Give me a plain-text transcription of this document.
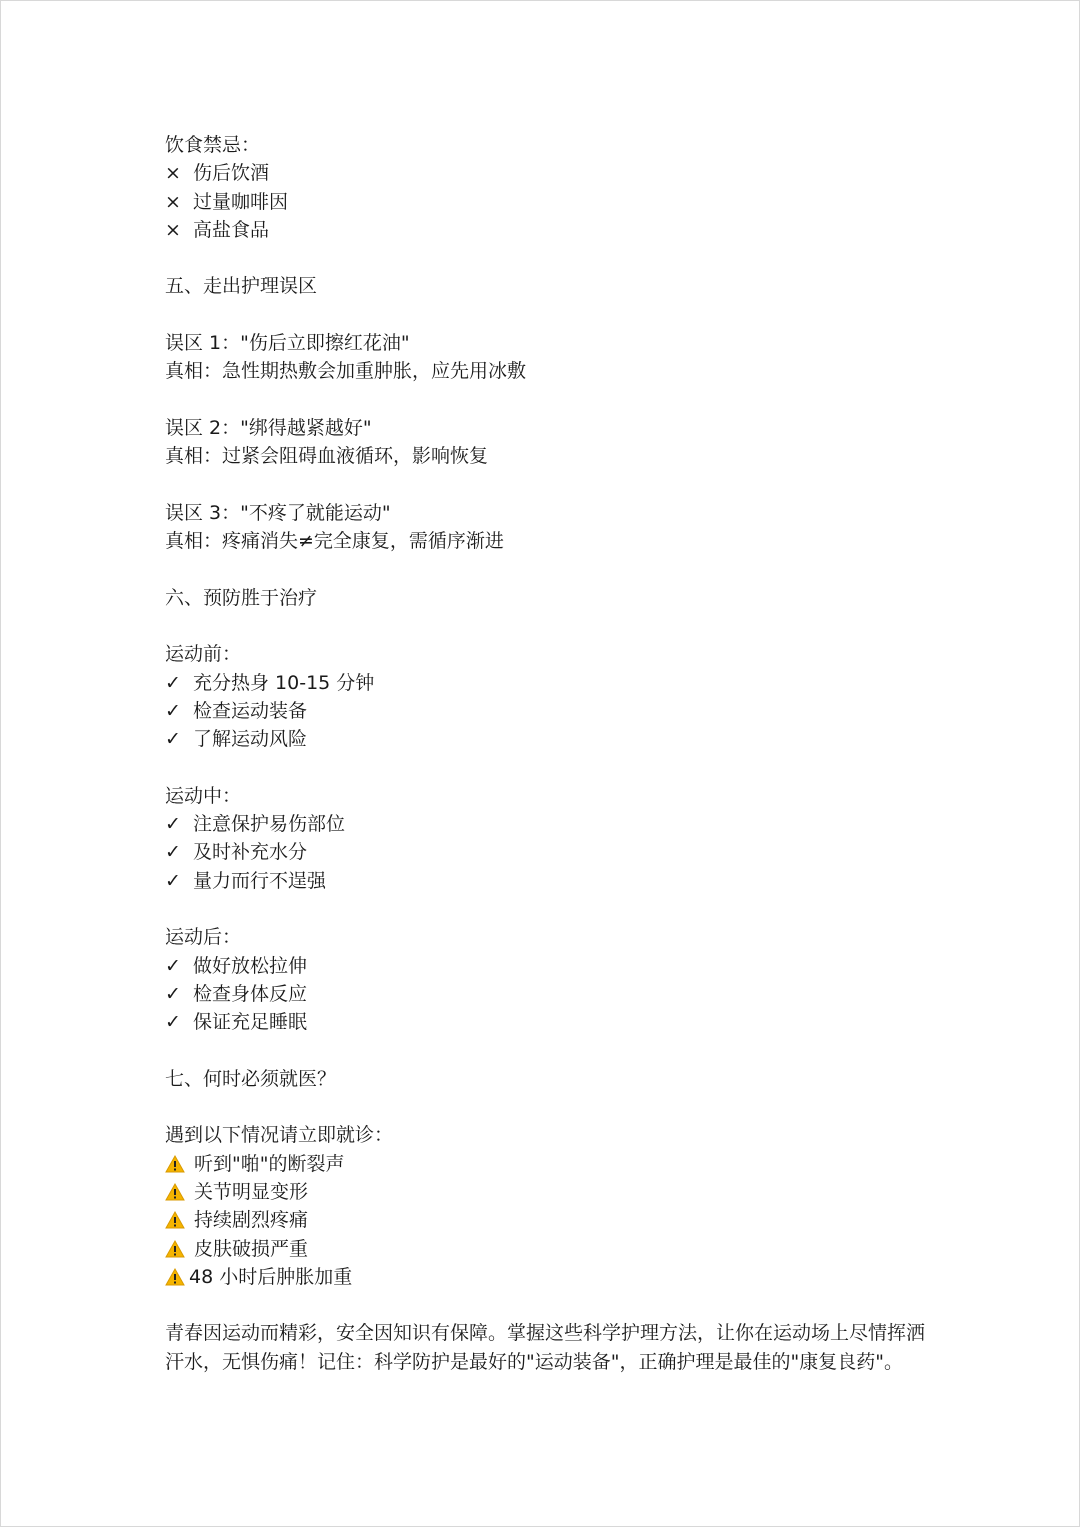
饮食禁忌：
× 伤后饮酒
× 过量咖啡因
× 高盐食品
五、走出护理误区
误区 1："伤后立即擦红花油"
真相：急性期热敷会加重肿胀，应先用冰敷
误区 2："绑得越紧越好"
真相：过紧会阻碍血液循环，影响恢复
误区 3："不疼了就能运动"
真相：疼痛消失≠完全康复，需循序渐进
六、预防胜于治疗
运动前：
✓ 充分热身 10-15 分钟
✓ 检查运动装备
✓ 了解运动风险
运动中：
✓ 注意保护易伤部位
✓ 及时补充水分
✓ 量力而行不逞强
运动后：
✓ 做好放松拉伸
✓ 检查身体反应
✓ 保证充足睡眠
七、何时必须就医？
遇到以下情况请立即就诊：
听到"啪"的断裂声
关节明显变形
持续剧烈疼痛
皮肤破损严重
48 小时后肿胀加重
青春因运动而精彩，安全因知识有保障。掌握这些科学护理方法，让你在运动场上尽情挥洒汗水，无惧伤痛！记住：科学防护是最好的"运动装备"，正确护理是最佳的"康复良药"。
